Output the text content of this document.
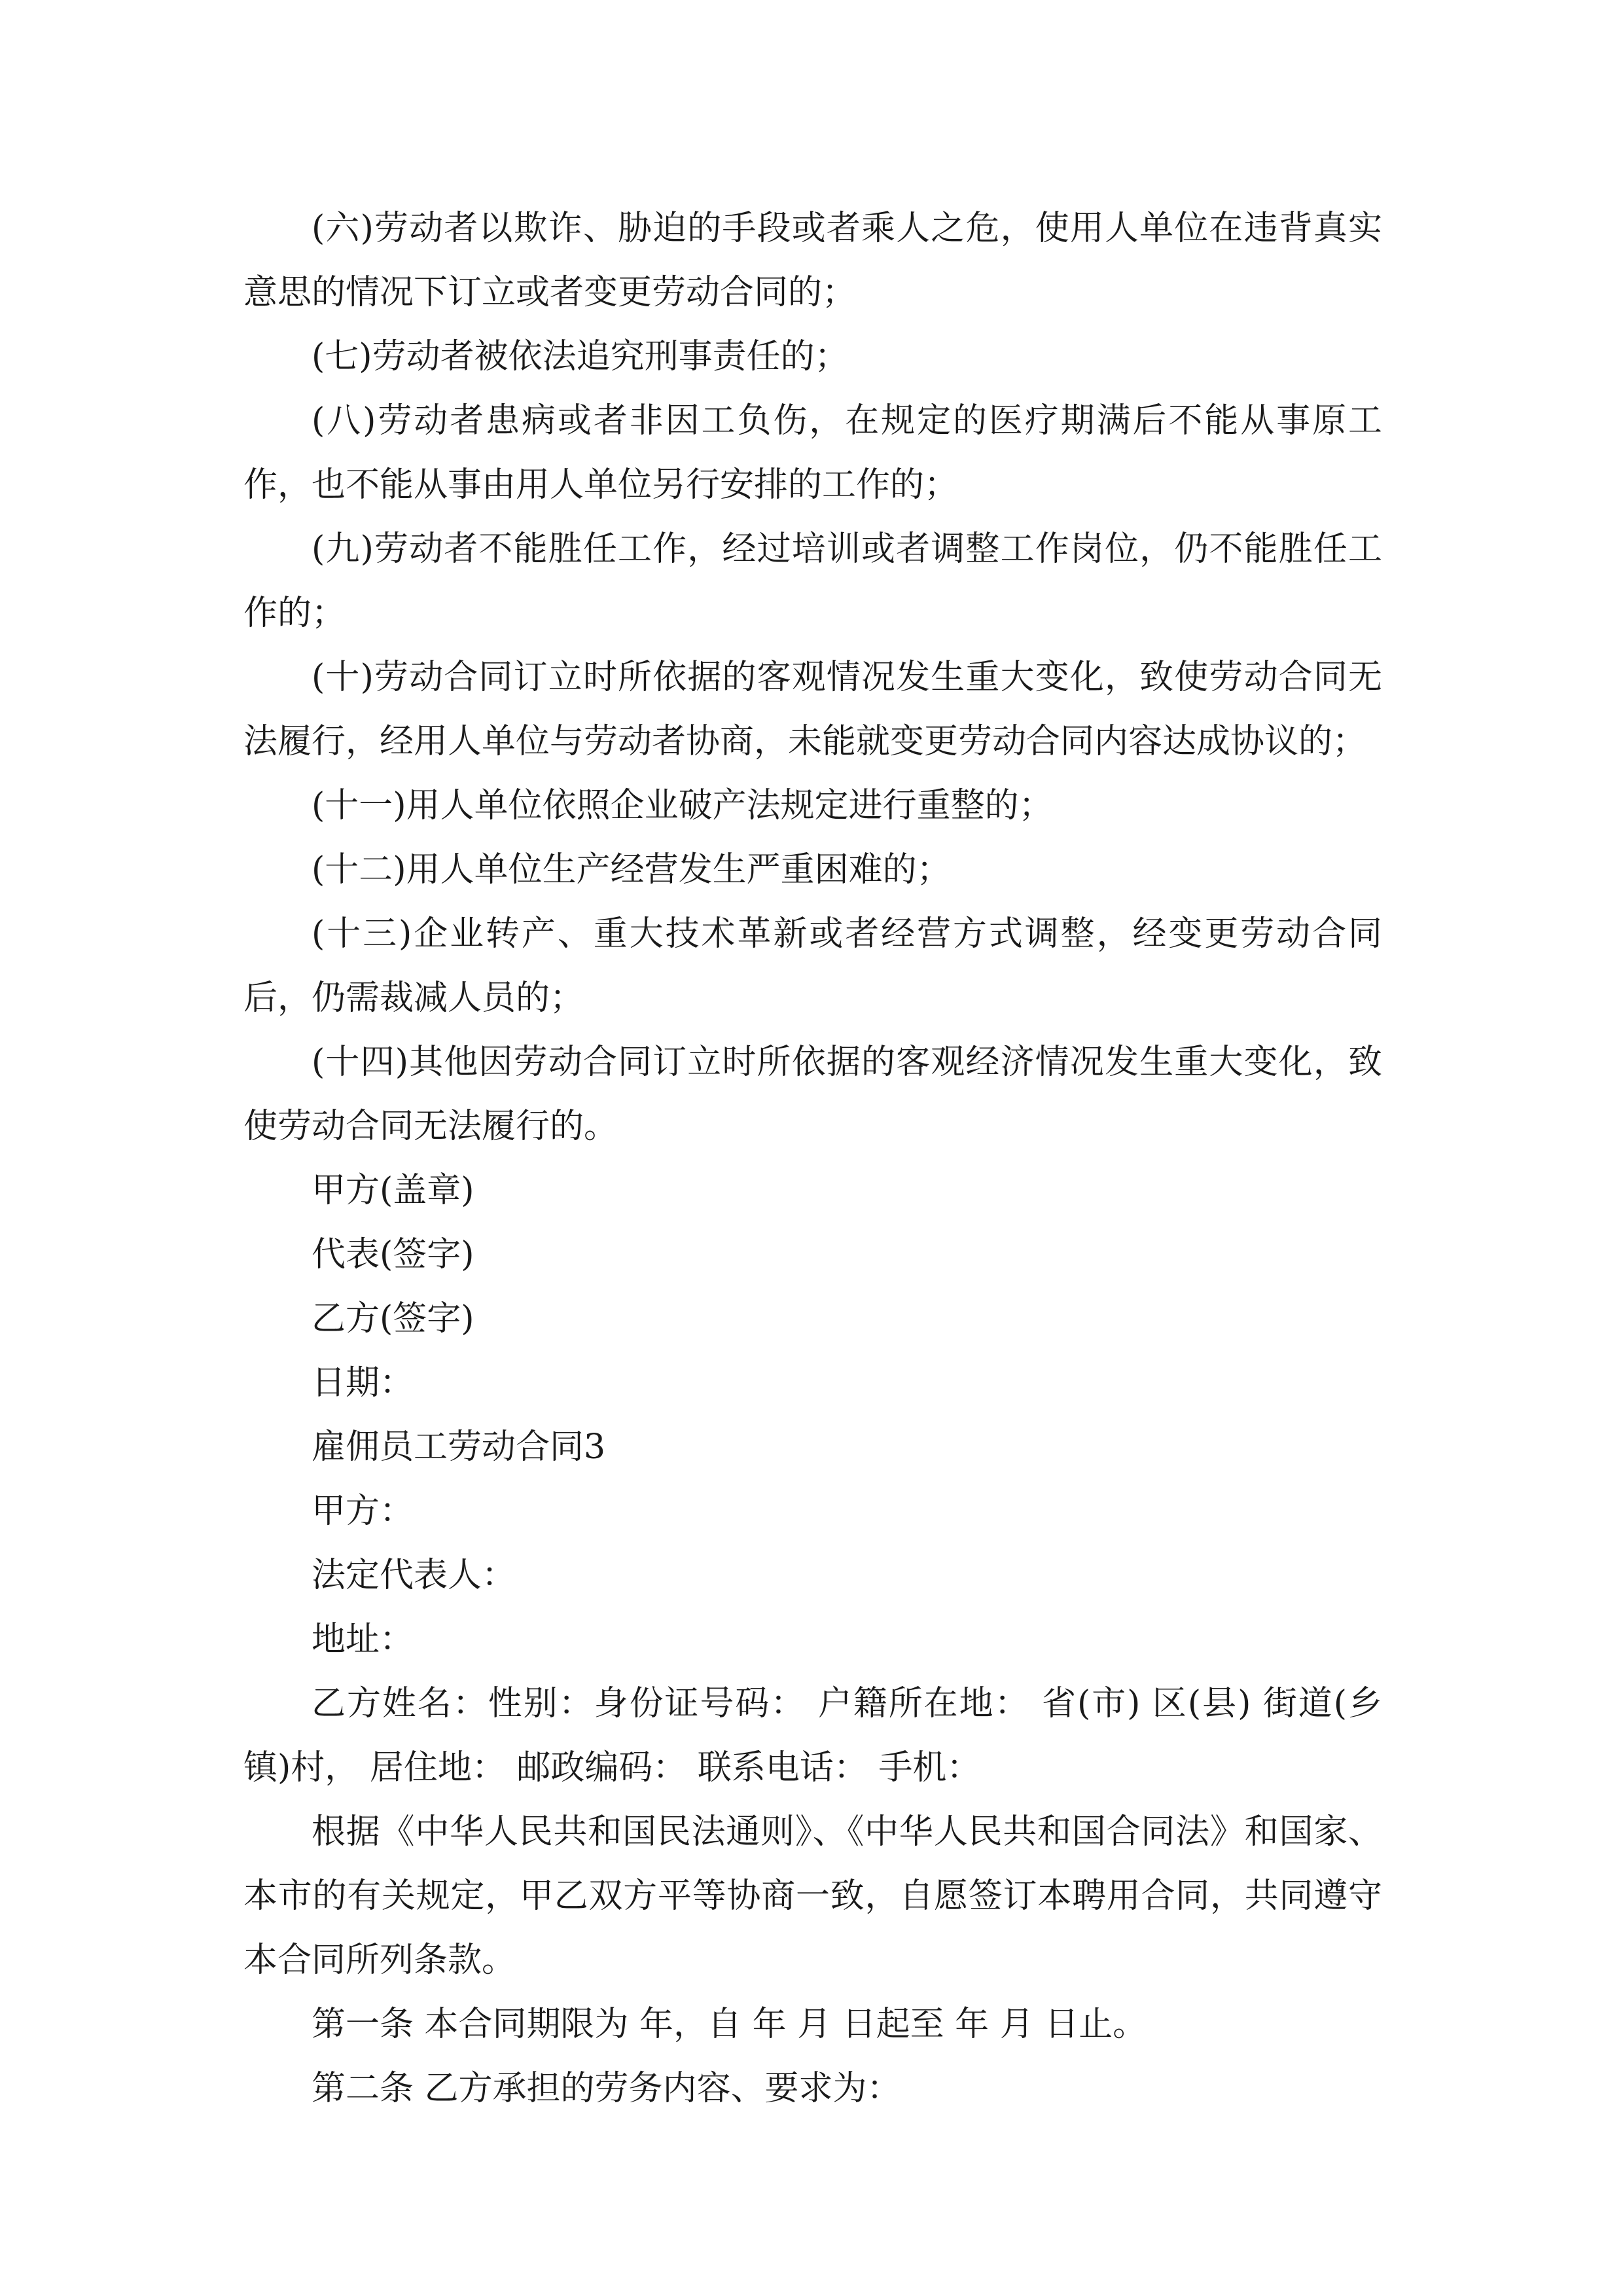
(六)劳动者以欺诈、胁迫的手段或者乘人之危，使用人单位在违背真实意思的情况下订立或者变更劳动合同的；

(七)劳动者被依法追究刑事责任的；

(八)劳动者患病或者非因工负伤，在规定的医疗期满后不能从事原工作，也不能从事由用人单位另行安排的工作的；

(九)劳动者不能胜任工作，经过培训或者调整工作岗位，仍不能胜任工作的；

(十)劳动合同订立时所依据的客观情况发生重大变化，致使劳动合同无法履行，经用人单位与劳动者协商，未能就变更劳动合同内容达成协议的；

(十一)用人单位依照企业破产法规定进行重整的；

(十二)用人单位生产经营发生严重困难的；

(十三)企业转产、重大技术革新或者经营方式调整，经变更劳动合同后，仍需裁减人员的；

(十四)其他因劳动合同订立时所依据的客观经济情况发生重大变化，致使劳动合同无法履行的。

甲方(盖章)

代表(签字)

乙方(签字)

日期：

雇佣员工劳动合同3

甲方：

法定代表人：

地址：

乙方姓名：性别：身份证号码： 户籍所在地： 省(市) 区(县) 街道(乡镇)村， 居住地： 邮政编码： 联系电话： 手机：

根据《中华人民共和国民法通则》、《中华人民共和国合同法》和国家、本市的有关规定，甲乙双方平等协商一致，自愿签订本聘用合同，共同遵守本合同所列条款。

第一条 本合同期限为 年，自 年 月 日起至 年 月 日止。

第二条 乙方承担的劳务内容、要求为：
